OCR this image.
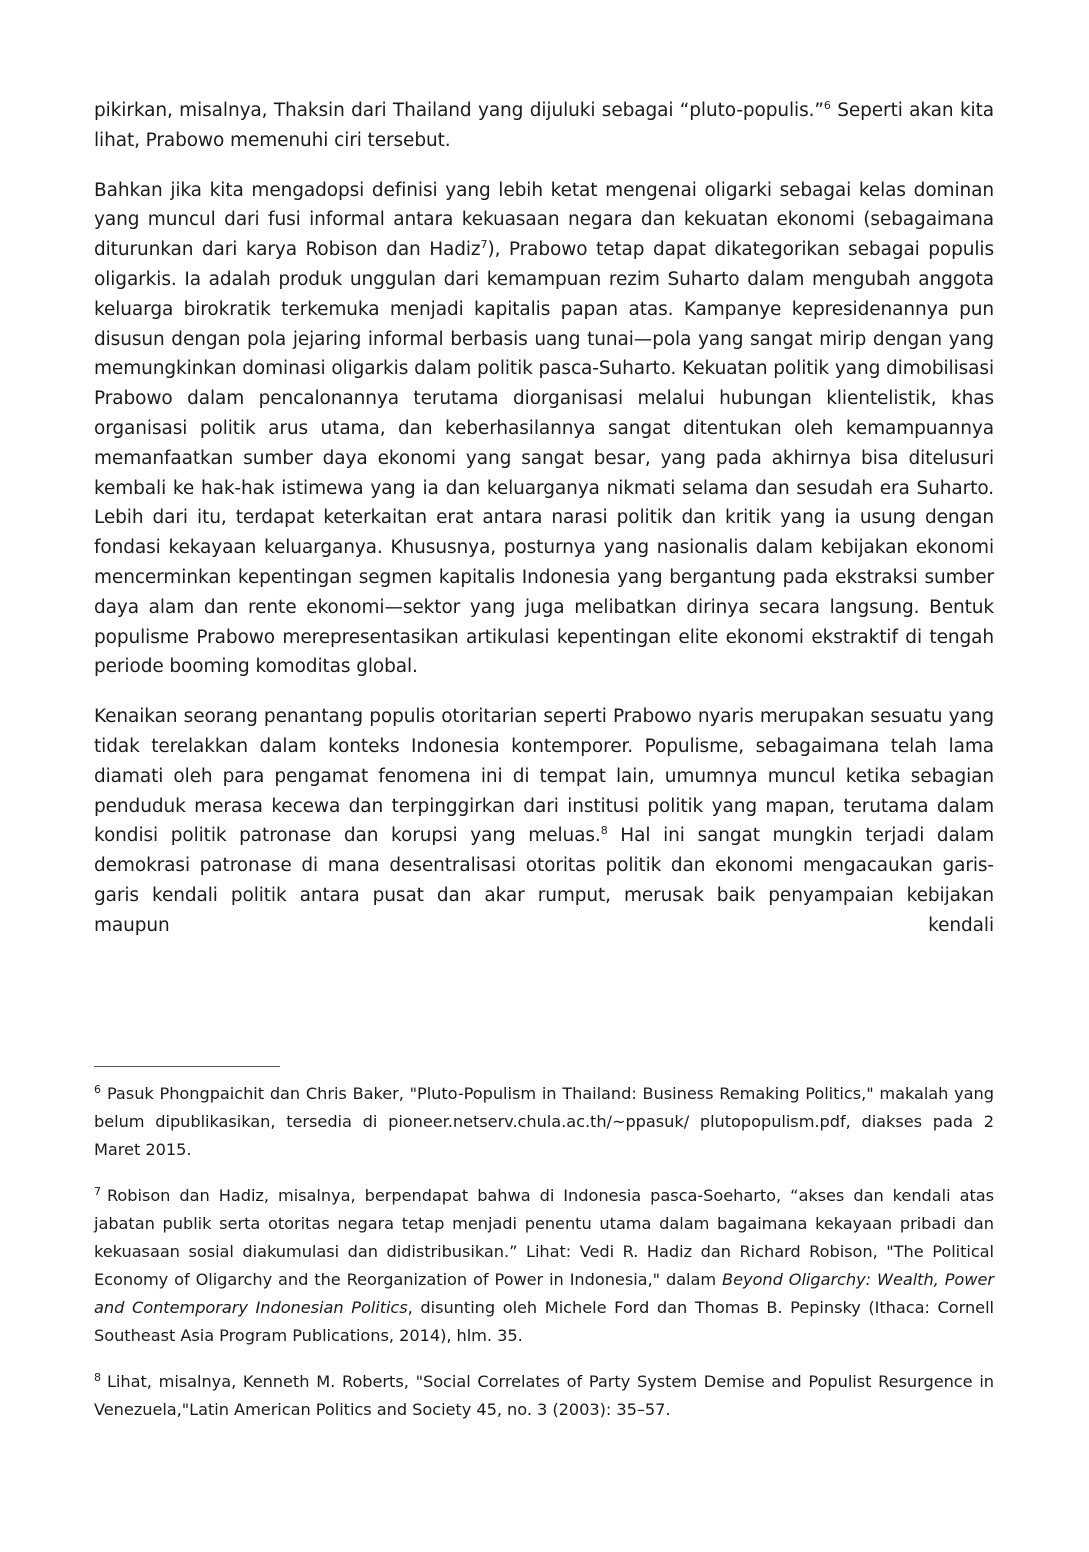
pikirkan, misalnya, Thaksin dari Thailand yang dijuluki sebagai “pluto-populis.”$^6$ Seperti akan kita lihat, Prabowo memenuhi ciri tersebut.

Bahkan jika kita mengadopsi definisi yang lebih ketat mengenai oligarki sebagai kelas dominan yang muncul dari fusi informal antara kekuasaan negara dan kekuatan ekonomi (sebagaimana diturunkan dari karya Robison dan Hadiz$^7$), Prabowo tetap dapat dikategorikan sebagai populis oligarkis. Ia adalah produk unggulan dari kemampuan rezim Suharto dalam mengubah anggota keluarga birokratik terkemuka menjadi kapitalis papan atas. Kampanye kepresidenannya pun disusun dengan pola jejaring informal berbasis uang tunai—pola yang sangat mirip dengan yang memungkinkan dominasi oligarkis dalam politik pasca-Suharto. Kekuatan politik yang dimobilisasi Prabowo dalam pencalonannya terutama diorganisasi melalui hubungan klientelistik, khas organisasi politik arus utama, dan keberhasilannya sangat ditentukan oleh kemampuannya memanfaatkan sumber daya ekonomi yang sangat besar, yang pada akhirnya bisa ditelusuri kembali ke hak-hak istimewa yang ia dan keluarganya nikmati selama dan sesudah era Suharto. Lebih dari itu, terdapat keterkaitan erat antara narasi politik dan kritik yang ia usung dengan fondasi kekayaan keluarganya. Khususnya, posturnya yang nasionalis dalam kebijakan ekonomi mencerminkan kepentingan segmen kapitalis Indonesia yang bergantung pada ekstraksi sumber daya alam dan rente ekonomi—sektor yang juga melibatkan dirinya secara langsung. Bentuk populisme Prabowo merepresentasikan artikulasi kepentingan elite ekonomi ekstraktif di tengah periode booming komoditas global.

Kenaikan seorang penantang populis otoritarian seperti Prabowo nyaris merupakan sesuatu yang tidak terelakkan dalam konteks Indonesia kontemporer. Populisme, sebagaimana telah lama diamati oleh para pengamat fenomena ini di tempat lain, umumnya muncul ketika sebagian penduduk merasa kecewa dan terpinggirkan dari institusi politik yang mapan, terutama dalam kondisi politik patronase dan korupsi yang meluas.$^8$ Hal ini sangat mungkin terjadi dalam demokrasi patronase di mana desentralisasi otoritas politik dan ekonomi mengacaukan garis-garis kendali politik antara pusat dan akar rumput, merusak baik penyampaian kebijakan maupun kendali

$^6$ Pasuk Phongpaichit dan Chris Baker, "Pluto-Populism in Thailand: Business Remaking Politics," makalah yang belum dipublikasikan, tersedia di pioneer.netserv.chula.ac.th/~ppasuk/ plutopopulism.pdf, diakses pada 2 Maret 2015.

$^7$ Robison dan Hadiz, misalnya, berpendapat bahwa di Indonesia pasca-Soeharto, “akses dan kendali atas jabatan publik serta otoritas negara tetap menjadi penentu utama dalam bagaimana kekayaan pribadi dan kekuasaan sosial diakumulasi dan didistribusikan.” Lihat: Vedi R. Hadiz dan Richard Robison, "The Political Economy of Oligarchy and the Reorganization of Power in Indonesia," dalam Beyond Oligarchy: Wealth, Power and Contemporary Indonesian Politics, disunting oleh Michele Ford dan Thomas B. Pepinsky (Ithaca: Cornell Southeast Asia Program Publications, 2014), hlm. 35.

$^8$ Lihat, misalnya, Kenneth M. Roberts, "Social Correlates of Party System Demise and Populist Resurgence in Venezuela,"Latin American Politics and Society 45, no. 3 (2003): 35–57.
